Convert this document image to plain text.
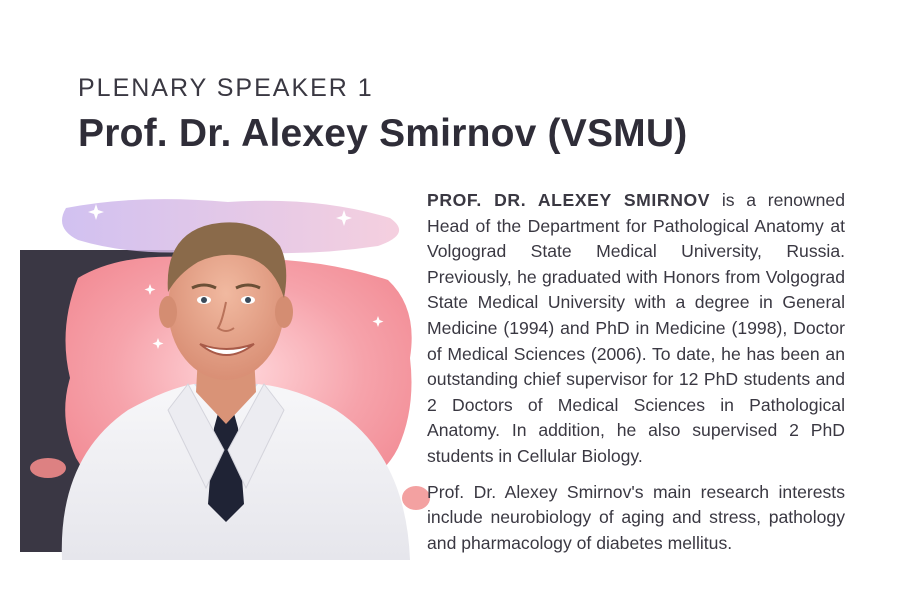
PLENARY SPEAKER 1
Prof. Dr. Alexey Smirnov (VSMU)

PROF. DR. ALEXEY SMIRNOV is a renowned Head of the Department for Pathological Anatomy at Volgograd State Medical University, Russia. Previously, he graduated with Honors from Volgograd State Medical University with a degree in General Medicine (1994) and PhD in Medicine (1998), Doctor of Medical Sciences (2006). To date, he has been an outstanding chief supervisor for 12 PhD students and 2 Doctors of Medical Sciences in Pathological Anatomy. In addition, he also supervised 2 PhD students in Cellular Biology.

Prof. Dr. Alexey Smirnov's main research interests include neurobiology of aging and stress, pathology and pharmacology of diabetes mellitus.
